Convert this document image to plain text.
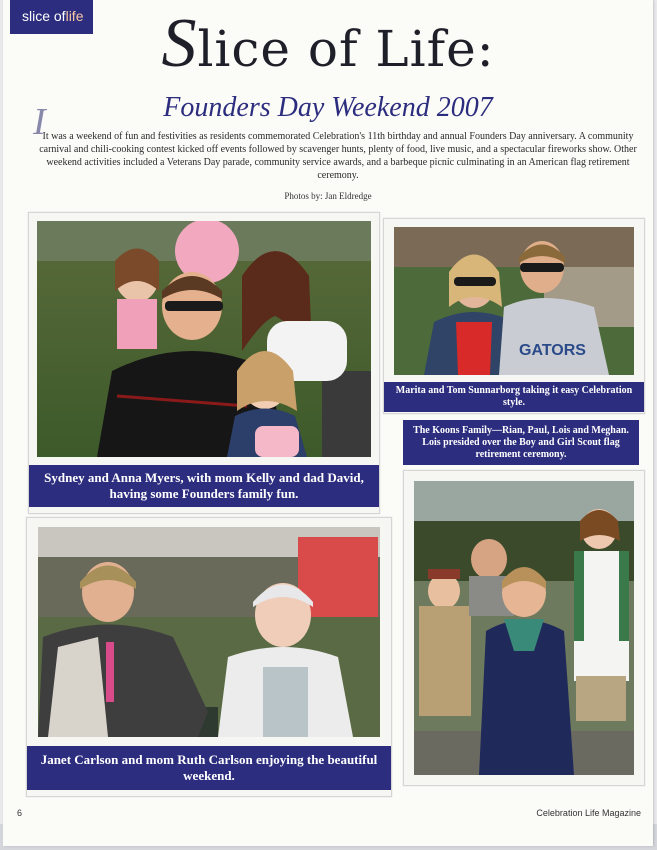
slice oflife	Slice of Life:
Founders Day Weekend 2007
I
It was a weekend of fun and festivities as residents commemorated Celebration's 11th birthday and annual Founders Day anniversary. A community carnival and chili-cooking contest kicked off events followed by scavenger hunts, plenty of food, live music, and a spectacular fireworks show. Other weekend activities included a Veterans Day parade, community service awards, and a barbeque picnic culminating in an American flag retirement ceremony.
Photos by: Jan Eldredge
Sydney and Anna Myers, with mom Kelly and dad David, having some Founders family fun.
GATORS
Marita and Tom Sunnarborg taking it easy Celebration style.
The Koons Family—Rian, Paul, Lois and Meghan. Lois presided over the Boy and Girl Scout flag retirement ceremony.
Janet Carlson and mom Ruth Carlson enjoying the beautiful weekend.
6	Celebration Life Magazine
